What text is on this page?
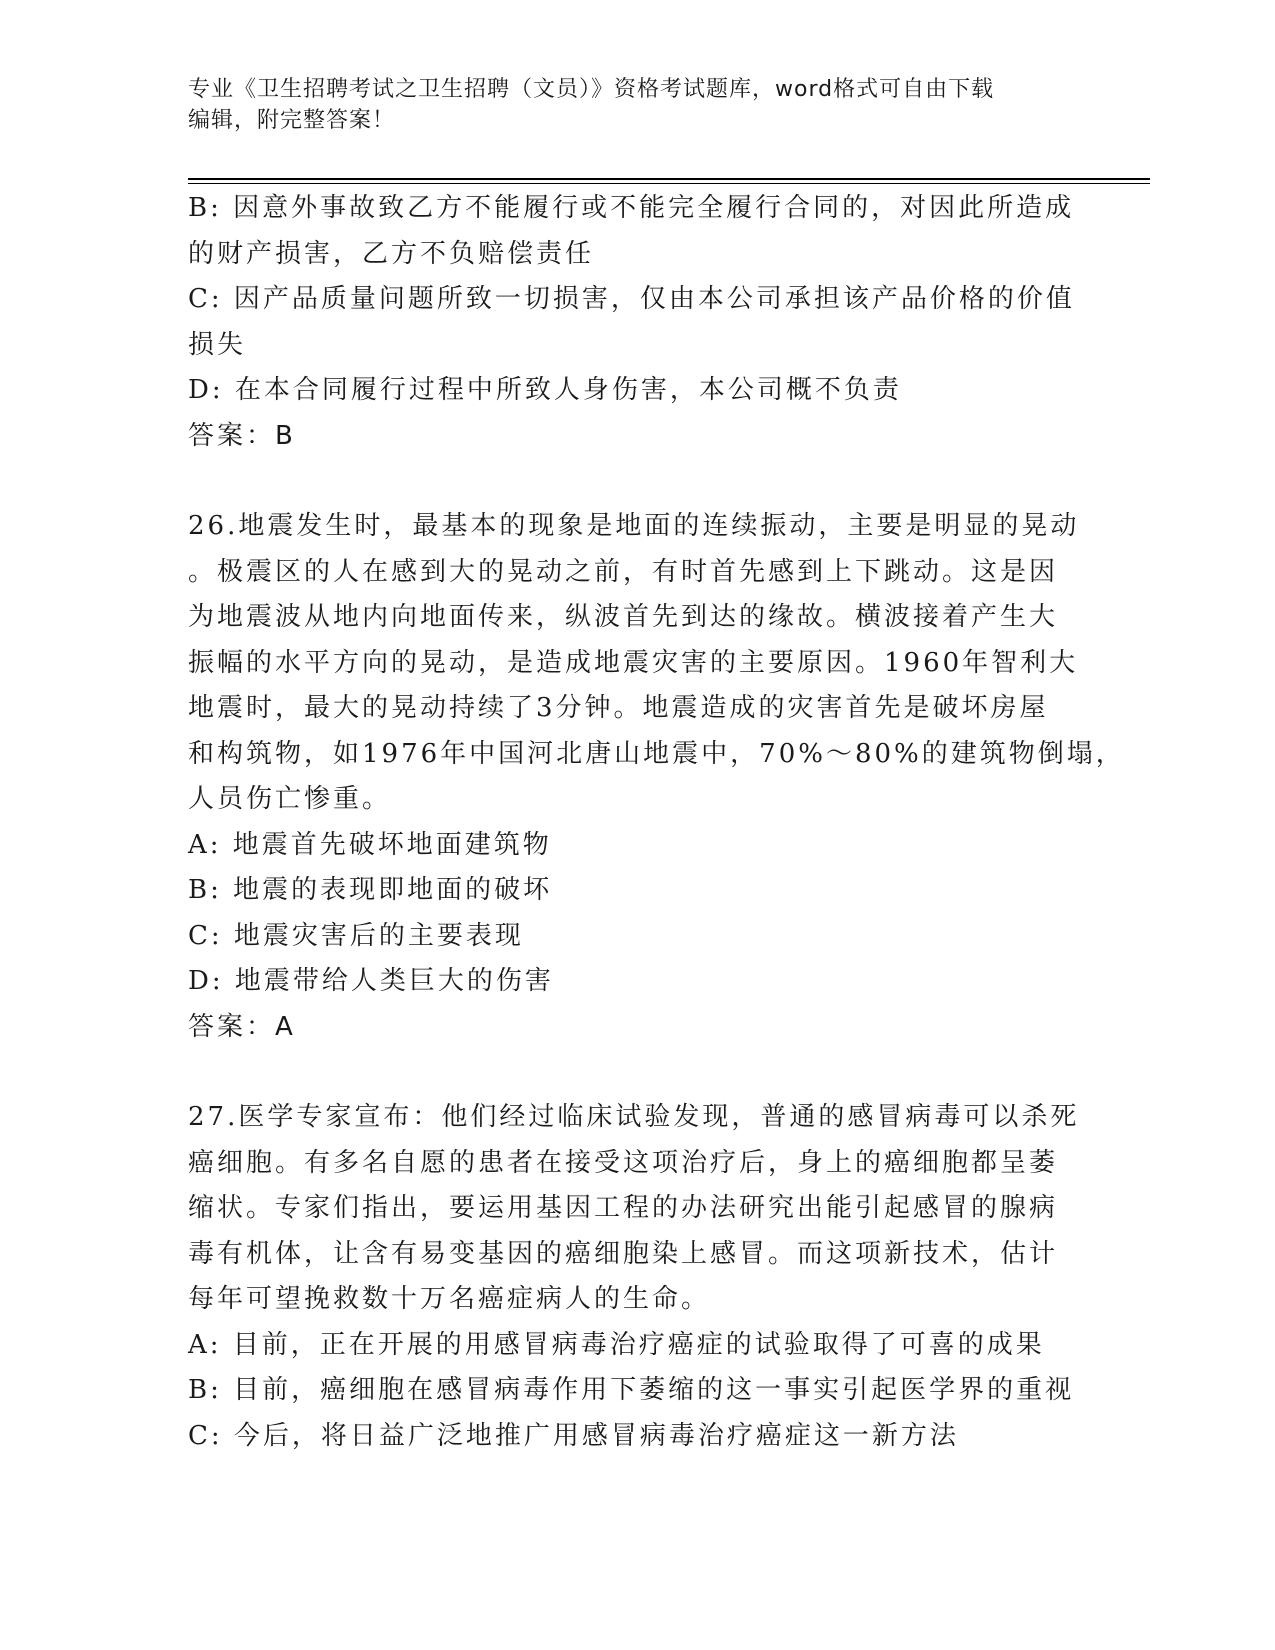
专业《卫生招聘考试之卫生招聘（文员）》资格考试题库，word格式可自由下载
编辑，附完整答案！
B: 因意外事故致乙方不能履行或不能完全履行合同的，对因此所造成
的财产损害，乙方不负赔偿责任
C: 因产品质量问题所致一切损害，仅由本公司承担该产品价格的价值
损失
D: 在本合同履行过程中所致人身伤害，本公司概不负责
答案：B
26.地震发生时，最基本的现象是地面的连续振动，主要是明显的晃动
。极震区的人在感到大的晃动之前，有时首先感到上下跳动。这是因
为地震波从地内向地面传来，纵波首先到达的缘故。横波接着产生大
振幅的水平方向的晃动，是造成地震灾害的主要原因。1960年智利大
地震时，最大的晃动持续了3分钟。地震造成的灾害首先是破坏房屋
和构筑物，如1976年中国河北唐山地震中，70%～80%的建筑物倒塌，
人员伤亡惨重。
A: 地震首先破坏地面建筑物
B: 地震的表现即地面的破坏
C: 地震灾害后的主要表现
D: 地震带给人类巨大的伤害
答案：A
27.医学专家宣布：他们经过临床试验发现，普通的感冒病毒可以杀死
癌细胞。有多名自愿的患者在接受这项治疗后，身上的癌细胞都呈萎
缩状。专家们指出，要运用基因工程的办法研究出能引起感冒的腺病
毒有机体，让含有易变基因的癌细胞染上感冒。而这项新技术，估计
每年可望挽救数十万名癌症病人的生命。
A: 目前，正在开展的用感冒病毒治疗癌症的试验取得了可喜的成果
B: 目前，癌细胞在感冒病毒作用下萎缩的这一事实引起医学界的重视
C: 今后，将日益广泛地推广用感冒病毒治疗癌症这一新方法
